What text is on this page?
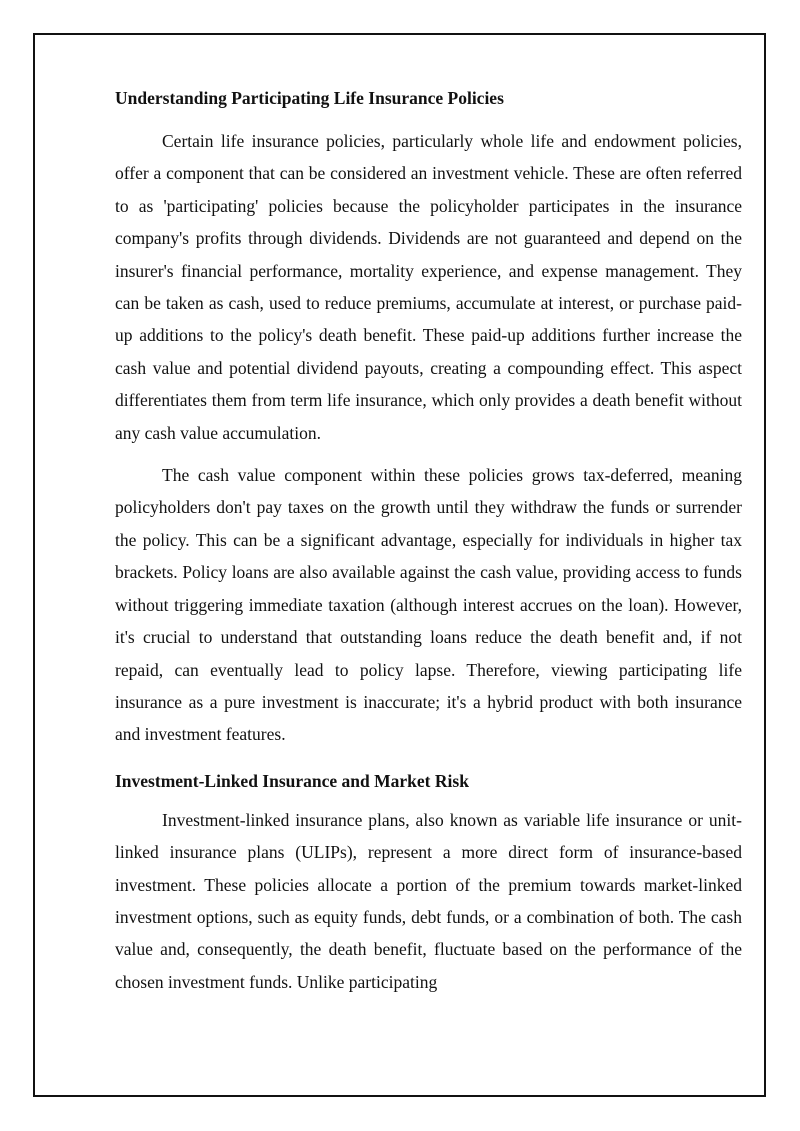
Understanding Participating Life Insurance Policies

Certain life insurance policies, particularly whole life and endowment policies, offer a component that can be considered an investment vehicle. These are often referred to as 'participating' policies because the policyholder participates in the insurance company's profits through dividends. Dividends are not guaranteed and depend on the insurer's financial performance, mortality experience, and expense management. They can be taken as cash, used to reduce premiums, accumulate at interest, or purchase paid-up additions to the policy's death benefit. These paid-up additions further increase the cash value and potential dividend payouts, creating a compounding effect. This aspect differentiates them from term life insurance, which only provides a death benefit without any cash value accumulation.

The cash value component within these policies grows tax-deferred, meaning policyholders don't pay taxes on the growth until they withdraw the funds or surrender the policy. This can be a significant advantage, especially for individuals in higher tax brackets. Policy loans are also available against the cash value, providing access to funds without triggering immediate taxation (although interest accrues on the loan). However, it's crucial to understand that outstanding loans reduce the death benefit and, if not repaid, can eventually lead to policy lapse. Therefore, viewing participating life insurance as a pure investment is inaccurate; it's a hybrid product with both insurance and investment features.

Investment-Linked Insurance and Market Risk

Investment-linked insurance plans, also known as variable life insurance or unit-linked insurance plans (ULIPs), represent a more direct form of insurance-based investment. These policies allocate a portion of the premium towards market-linked investment options, such as equity funds, debt funds, or a combination of both. The cash value and, consequently, the death benefit, fluctuate based on the performance of the chosen investment funds. Unlike participating
